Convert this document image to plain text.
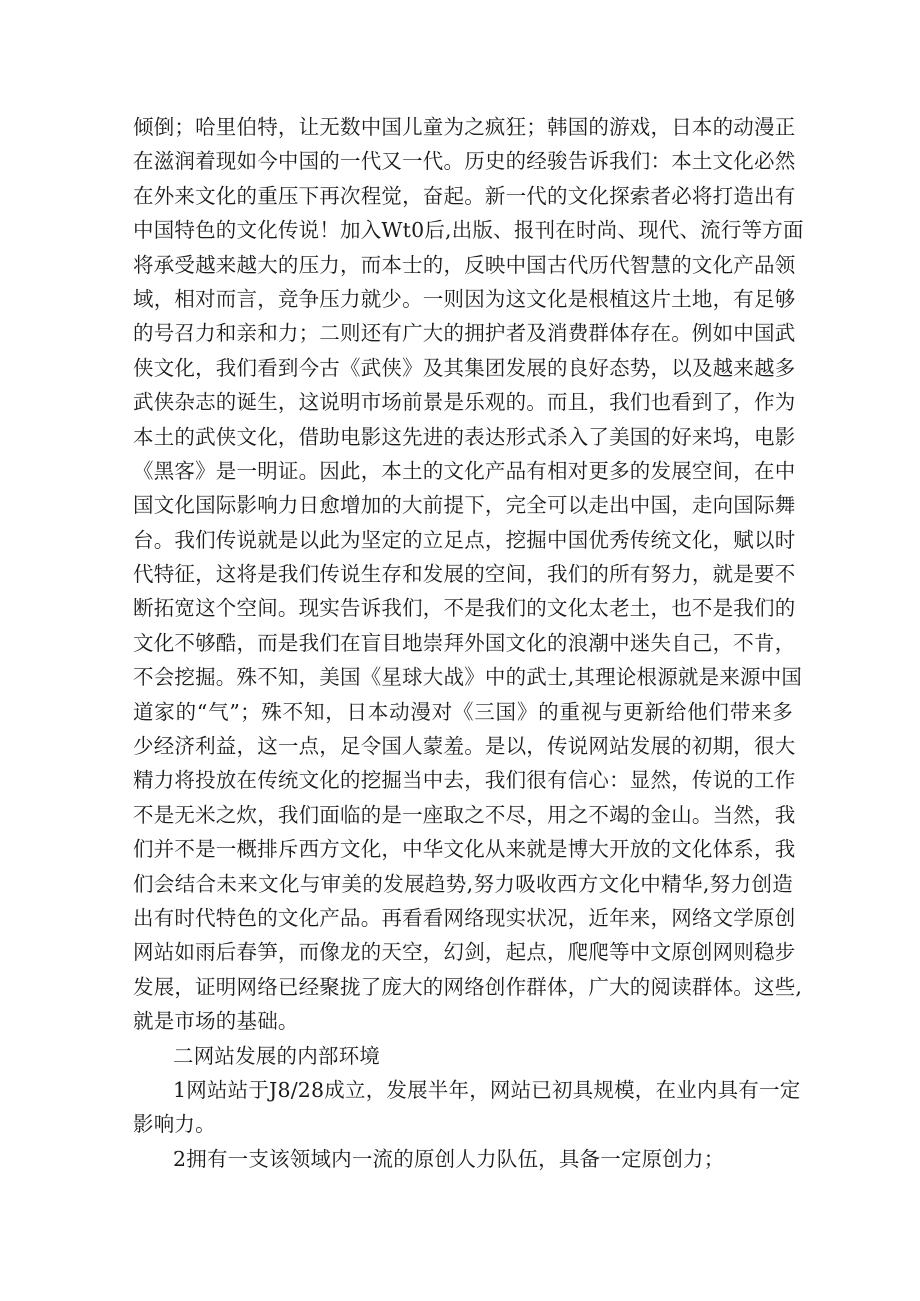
倾倒；哈里伯特，让无数中国儿童为之疯狂；韩国的游戏，日本的动漫正
在滋润着现如今中国的一代又一代。历史的经骏告诉我们：本土文化必然
在外来文化的重压下再次程觉，奋起。新一代的文化探索者必将打造出有
中国特色的文化传说！加入Wt0后,出版、报刊在时尚、现代、流行等方面
将承受越来越大的压力，而本士的，反映中国古代历代智慧的文化产品领
域，相对而言，竞争压力就少。一则因为这文化是根植这片土地，有足够
的号召力和亲和力；二则还有广大的拥护者及消费群体存在。例如中国武
侠文化，我们看到今古《武侠》及其集团发展的良好态势，以及越来越多
武侠杂志的诞生，这说明市场前景是乐观的。而且，我们也看到了，作为
本土的武侠文化，借助电影这先进的表达形式杀入了美国的好来坞，电影
《黑客》是一明证。因此，本土的文化产品有相对更多的发展空间，在中
国文化国际影响力日愈增加的大前提下，完全可以走出中国，走向国际舞
台。我们传说就是以此为坚定的立足点，挖掘中国优秀传统文化，赋以时
代特征，这将是我们传说生存和发展的空间，我们的所有努力，就是要不
断拓宽这个空间。现实告诉我们，不是我们的文化太老土，也不是我们的
文化不够酷，而是我们在盲目地崇拜外国文化的浪潮中迷失自己，不肯，
不会挖掘。殊不知，美国《星球大战》中的武士,其理论根源就是来源中国
道家的“气”；殊不知，日本动漫对《三国》的重视与更新给他们带来多
少经济利益，这一点，足令国人蒙羞。是以，传说网站发展的初期，很大
精力将投放在传统文化的挖掘当中去，我们很有信心：显然，传说的工作
不是无米之炊，我们面临的是一座取之不尽，用之不竭的金山。当然，我
们并不是一概排斥西方文化，中华文化从来就是博大开放的文化体系，我
们会结合未来文化与审美的发展趋势,努力吸收西方文化中精华,努力创造
出有时代特色的文化产品。再看看网络现实状况，近年来，网络文学原创
网站如雨后春笋，而像龙的天空，幻剑，起点，爬爬等中文原创网则稳步
发展，证明网络已经聚拢了庞大的网络创作群体，广大的阅读群体。这些,
就是市场的基础。
二网站发展的内部环境
1网站站于J8/28成立，发展半年，网站已初具规模，在业内具有一定
影响力。
2拥有一支该领域内一流的原创人力队伍，具备一定原创力；
